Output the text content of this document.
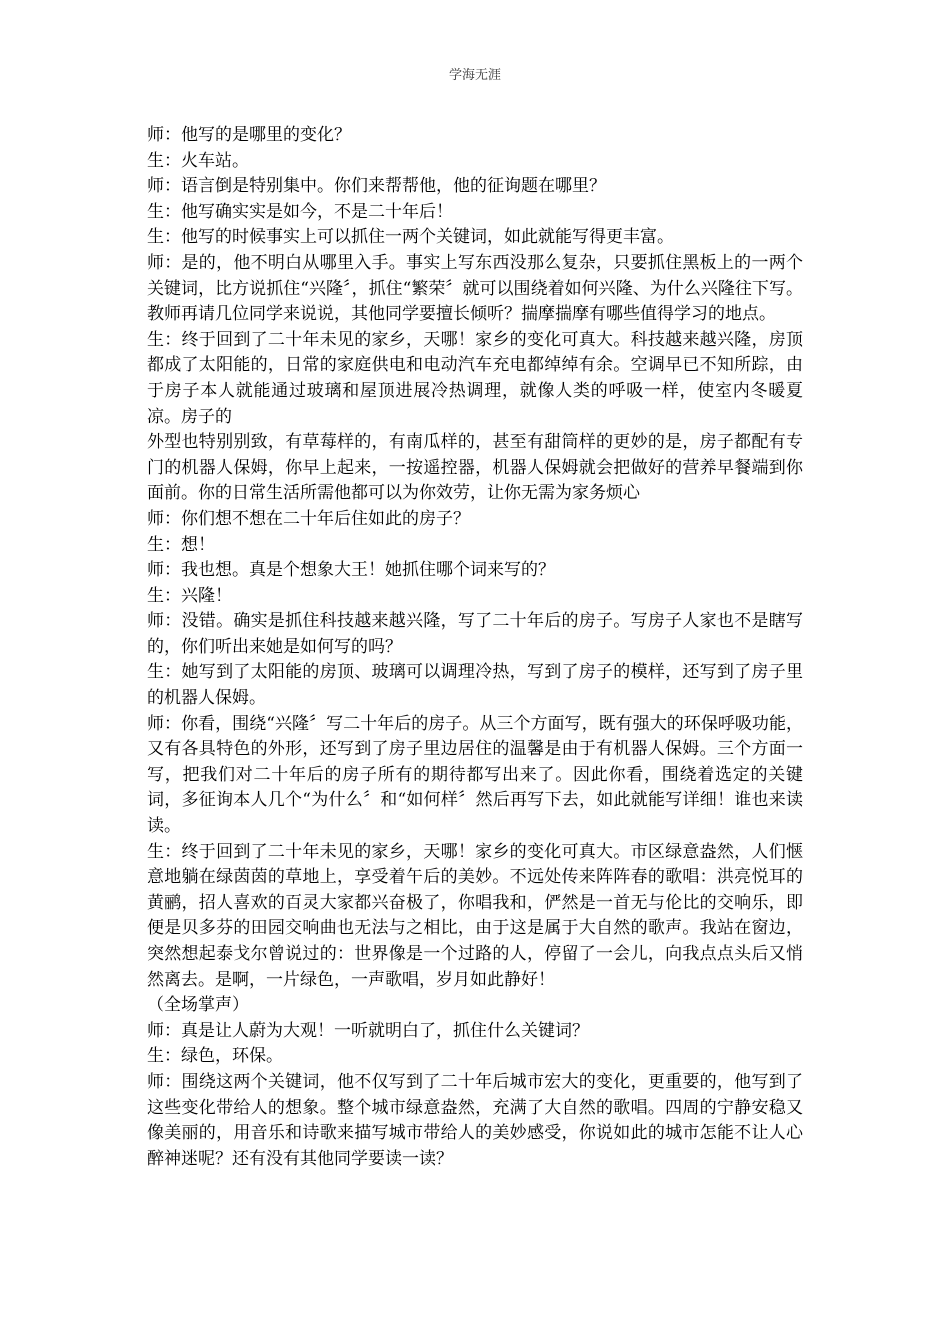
学海无涯

师：他写的是哪里的变化？

生：火车站。

师：语言倒是特别集中。你们来帮帮他，他的征询题在哪里？

生：他写确实实是如今，不是二十年后！

生：他写的时候事实上可以抓住一两个关键词，如此就能写得更丰富。

师：是的，他不明白从哪里入手。事实上写东西没那么复杂，只要抓住黑板上的一两个关键词，比方说抓住“兴隆〞，抓住“繁荣〞就可以围绕着如何兴隆、为什么兴隆往下写。教师再请几位同学来说说，其他同学要擅长倾听？揣摩揣摩有哪些值得学习的地点。

生：终于回到了二十年未见的家乡，天哪！家乡的变化可真大。科技越来越兴隆，房顶都成了太阳能的，日常的家庭供电和电动汽车充电都绰绰有余。空调早已不知所踪，由于房子本人就能通过玻璃和屋顶进展冷热调理，就像人类的呼吸一样，使室内冬暖夏凉。房子的

外型也特别别致，有草莓样的，有南瓜样的，甚至有甜筒样的更妙的是，房子都配有专门的机器人保姆，你早上起来，一按遥控器，机器人保姆就会把做好的营养早餐端到你面前。你的日常生活所需他都可以为你效劳，让你无需为家务烦心

师：你们想不想在二十年后住如此的房子？

生：想！

师：我也想。真是个想象大王！她抓住哪个词来写的？

生：兴隆！

师：没错。确实是抓住科技越来越兴隆，写了二十年后的房子。写房子人家也不是瞎写的，你们听出来她是如何写的吗？

生：她写到了太阳能的房顶、玻璃可以调理冷热，写到了房子的模样，还写到了房子里的机器人保姆。

师：你看，围绕“兴隆〞写二十年后的房子。从三个方面写，既有强大的环保呼吸功能，又有各具特色的外形，还写到了房子里边居住的温馨是由于有机器人保姆。三个方面一写，把我们对二十年后的房子所有的期待都写出来了。因此你看，围绕着选定的关键词，多征询本人几个“为什么〞和“如何样〞然后再写下去，如此就能写详细！谁也来读读。

生：终于回到了二十年未见的家乡，天哪！家乡的变化可真大。市区绿意盎然，人们惬意地躺在绿茵茵的草地上，享受着午后的美妙。不远处传来阵阵春的歌唱：洪亮悦耳的黄鹂，招人喜欢的百灵大家都兴奋极了，你唱我和，俨然是一首无与伦比的交响乐，即便是贝多芬的田园交响曲也无法与之相比，由于这是属于大自然的歌声。我站在窗边，突然想起泰戈尔曾说过的：世界像是一个过路的人，停留了一会儿，向我点点头后又悄然离去。是啊，一片绿色，一声歌唱，岁月如此静好！

（全场掌声）

师：真是让人蔚为大观！一听就明白了，抓住什么关键词？

生：绿色，环保。

师：围绕这两个关键词，他不仅写到了二十年后城市宏大的变化，更重要的，他写到了这些变化带给人的想象。整个城市绿意盎然，充满了大自然的歌唱。四周的宁静安稳又像美丽的，用音乐和诗歌来描写城市带给人的美妙感受，你说如此的城市怎能不让人心醉神迷呢？还有没有其他同学要读一读？
